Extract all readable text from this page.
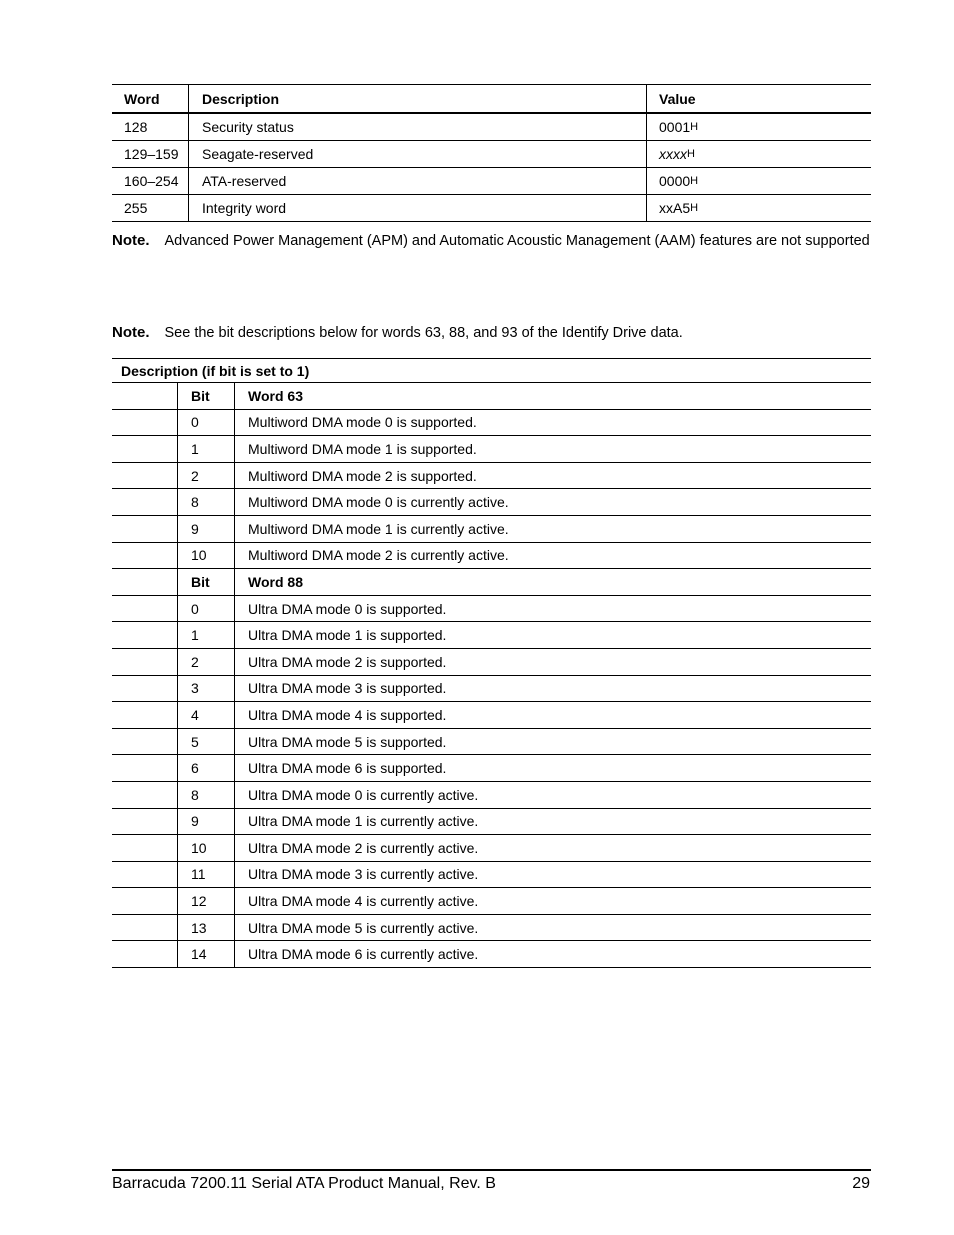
Word	Description	Value
128	Security status	0001 H
129–159	Seagate-reserved	xxxx H
160–254	ATA-reserved	0000 H
255	Integrity word	xxA5 H
Note. Advanced Power Management (APM) and Automatic Acoustic Management (AAM) features are not supported
Note. See the bit descriptions below for words 63, 88, and 93 of the Identify Drive data.
Description (if bit is set to 1)
Bit	Word 63
0	Multiword DMA mode 0 is supported.
1	Multiword DMA mode 1 is supported.
2	Multiword DMA mode 2 is supported.
8	Multiword DMA mode 0 is currently active.
9	Multiword DMA mode 1 is currently active.
10	Multiword DMA mode 2 is currently active.
Bit	Word 88
0	Ultra DMA mode 0 is supported.
1	Ultra DMA mode 1 is supported.
2	Ultra DMA mode 2 is supported.
3	Ultra DMA mode 3 is supported.
4	Ultra DMA mode 4 is supported.
5	Ultra DMA mode 5 is supported.
6	Ultra DMA mode 6 is supported.
8	Ultra DMA mode 0 is currently active.
9	Ultra DMA mode 1 is currently active.
10	Ultra DMA mode 2 is currently active.
11	Ultra DMA mode 3 is currently active.
12	Ultra DMA mode 4 is currently active.
13	Ultra DMA mode 5 is currently active.
14	Ultra DMA mode 6 is currently active.
Barracuda 7200.11 Serial ATA Product Manual, Rev. B	29
